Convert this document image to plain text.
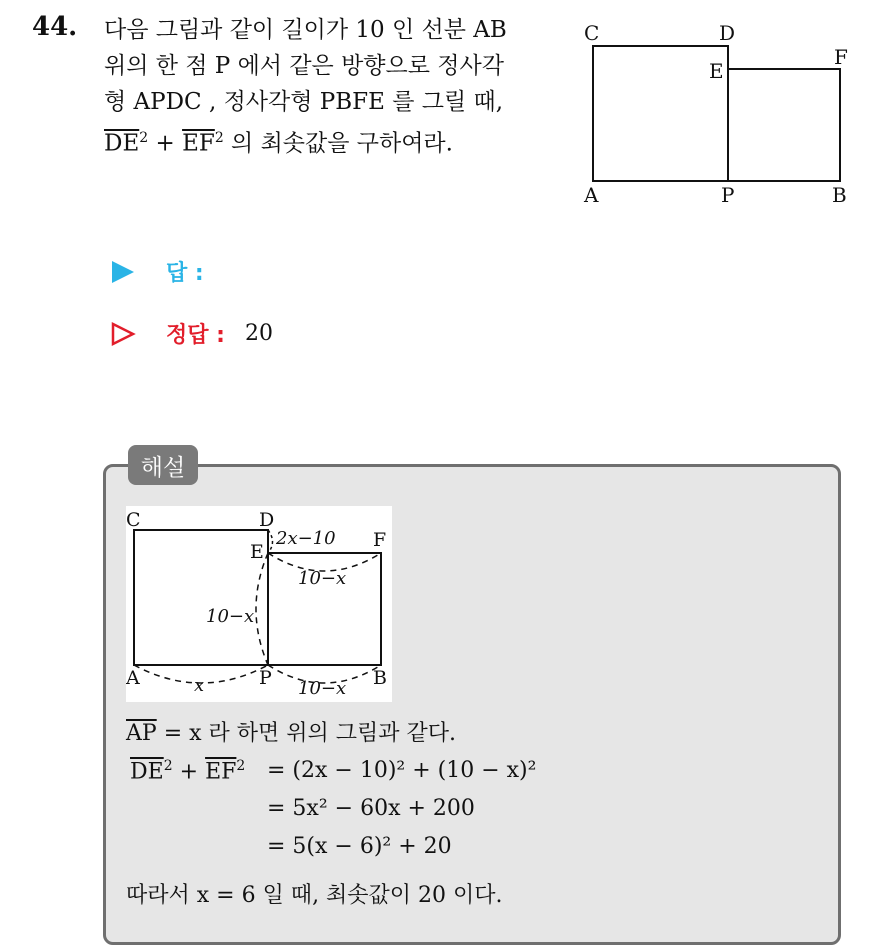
44. 다음 그림과 같이 길이가 10 인 선분 AB
위의 한 점 P 에서 같은 방향으로 정사각
형 APDC , 정사각형 PBFE 를 그릴 때,
$\overline{DE}^2 + \overline{EF}^2$ 의 최솟값을 구하여라.
C	D
E
F
A	P	B
답 :
정답 : 20
해설
C	D
E
F
A	P	B
2x−10
10−x
10−x
x	10−x
$\overline{AP} = x$ 라 하면 위의 그림과 같다.
$\overline{DE}^2 + \overline{EF}^2 = (2x - 10)^2 + (10 - x)^2$
= 5x² − 60x + 200
= 5(x − 6)² + 20
따라서 x = 6 일 때, 최솟값이 20 이다.
